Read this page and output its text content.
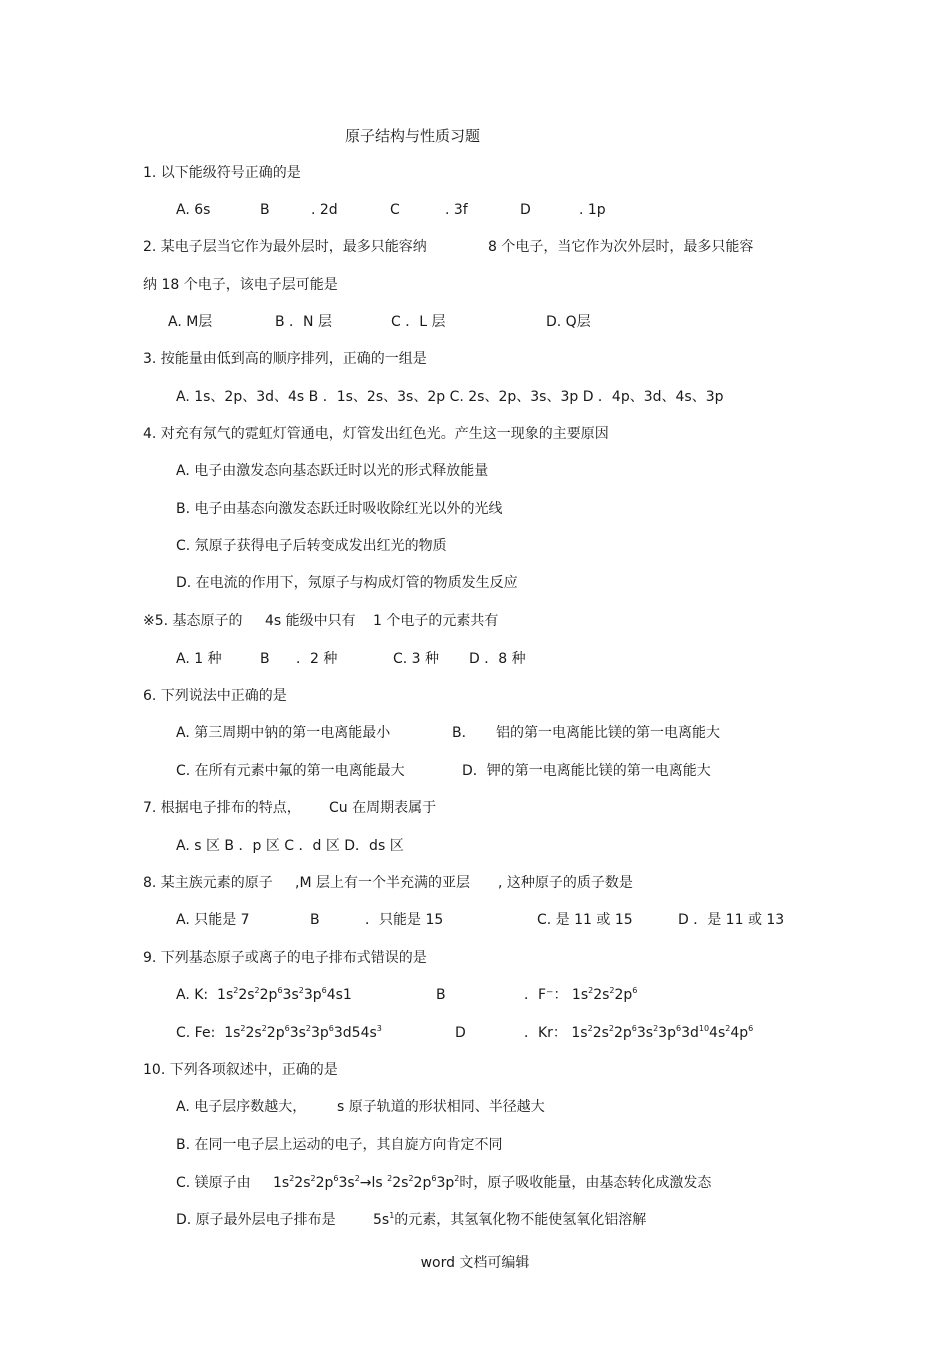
原子结构与性质习题
1. 以下能级符号正确的是
A. 6s	B	. 2d	C	. 3f	D	. 1p
2. 某电子层当它作为最外层时，最多只能容纳	8 个电子，当它作为次外层时，最多只能容
纳 18 个电子，该电子层可能是
A. M层	B ．N 层	C ．L 层	D. Q层
3. 按能量由低到高的顺序排列，正确的一组是
A. 1s、2p、3d、4s B ．1s、2s、3s、2p C. 2s、2p、3s、3p D ．4p、3d、4s、3p
4. 对充有氖气的霓虹灯管通电，灯管发出红色光。产生这一现象的主要原因
A. 电子由激发态向基态跃迁时以光的形式释放能量
B. 电子由基态向激发态跃迁时吸收除红光以外的光线
C. 氖原子获得电子后转变成发出红光的物质
D. 在电流的作用下，氖原子与构成灯管的物质发生反应
※5. 基态原子的 4s 能级中只有 1 个电子的元素共有
A. 1 种	B ．2 种	C. 3 种 D ．8 种
6. 下列说法中正确的是
A. 第三周期中钠的第一电离能最小	B． 铝的第一电离能比镁的第一电离能大
C. 在所有元素中氟的第一电离能最大	D．钾的第一电离能比镁的第一电离能大
7. 根据电子排布的特点， Cu 在周期表属于
A. s 区 B ．p 区 C ．d 区 D．ds 区
8. 某主族元素的原子 ,M 层上有一个半充满的亚层 , 这种原子的质子数是
A. 只能是 7	B	．只能是 15	C. 是 11 或 15	D ．是 11 或 13
9. 下列基态原子或离子的电子排布式错误的是
A. K: $1s^22s^22p^63s^23p^64s1$	B	．F⁻： $1s^22s^22p^6$
C. Fe: $1s^22s^22p^63s^23p^63d54s^3$	D	．Kr： $1s^22s^22p^63s^23p^63d^{10}4s^24p^6$
10. 下列各项叙述中，正确的是
A. 电子层序数越大， s 原子轨道的形状相同、半径越大
B. 在同一电子层上运动的电子，其自旋方向肯定不同
C. 镁原子由 $1s^22s^22p^63s^2\to ls$ $^22s^22p^63p^2$时，原子吸收能量，由基态转化成激发态
D. 原子最外层电子排布是	$5s^1$的元素，其氢氧化物不能使氢氧化铝溶解
word 文档可编辑
